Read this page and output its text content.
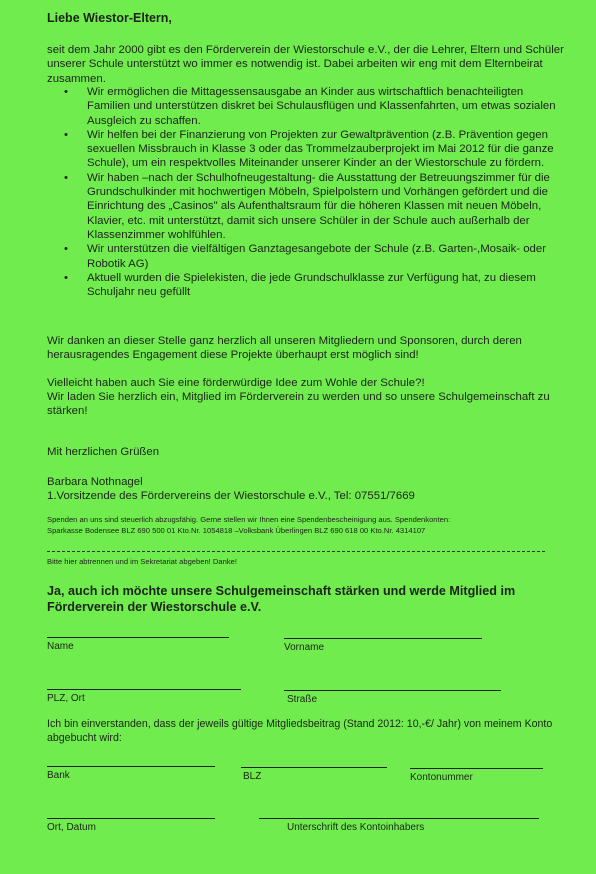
Liebe Wiestor-Eltern,
seit dem Jahr 2000 gibt es den Förderverein der Wiestorschule e.V., der die Lehrer, Eltern und Schüler unserer Schule unterstützt wo immer es notwendig ist. Dabei arbeiten wir eng mit dem Elternbeirat zusammen.
• Wir ermöglichen die Mittagessensausgabe an Kinder aus wirtschaftlich benachteiligten Familien und unterstützen diskret bei Schulausflügen und Klassenfahrten, um etwas sozialen Ausgleich zu schaffen.
• Wir helfen bei der Finanzierung von Projekten zur Gewaltprävention (z.B. Prävention gegen sexuellen Missbrauch in Klasse 3 oder das Trommelzauberprojekt im Mai 2012 für die ganze Schule), um ein respektvolles Miteinander unserer Kinder an der Wiestorschule zu fördern.
• Wir haben –nach der Schulhofneugestaltung- die Ausstattung der Betreuungszimmer für die Grundschulkinder mit hochwertigen Möbeln, Spielpolstern und Vorhängen gefördert und die Einrichtung des „Casinos" als Aufenthaltsraum für die höheren Klassen mit neuen Möbeln, Klavier, etc. mit unterstützt, damit sich unsere Schüler in der Schule auch außerhalb der Klassenzimmer wohlfühlen.
• Wir unterstützen die vielfältigen Ganztagesangebote der Schule (z.B. Garten-,Mosaik- oder Robotik AG)
• Aktuell wurden die Spielekisten, die jede Grundschulklasse zur Verfügung hat, zu diesem Schuljahr neu gefüllt
Wir danken an dieser Stelle ganz herzlich all unseren Mitgliedern und Sponsoren, durch deren herausragendes Engagement diese Projekte überhaupt erst möglich sind!
Vielleicht haben auch Sie eine förderwürdige Idee zum Wohle der Schule?!
Wir laden Sie herzlich ein, Mitglied im Förderverein zu werden und so unsere Schulgemeinschaft zu stärken!
Mit herzlichen Grüßen
Barbara Nothnagel
1.Vorsitzende des Fördervereins der Wiestorschule e.V., Tel: 07551/7669
Spenden an uns sind steuerlich abzugsfähig. Gerne stellen wir Ihnen eine Spendenbescheinigung aus. Spendenkonten:
Sparkasse Bodensee BLZ 690 500 01 Kto.Nr. 1054818 –Volksbank Überlingen BLZ 690 618 00 Kto.Nr. 4314107
Bitte hier abtrennen und im Sekretariat abgeben! Danke!
Ja, auch ich möchte unsere Schulgemeinschaft stärken und werde Mitglied im Förderverein der Wiestorschule e.V.
Name	Vorname
PLZ, Ort	Straße
Ich bin einverstanden, dass der jeweils gültige Mitgliedsbeitrag (Stand 2012: 10,-€/ Jahr) von meinem Konto abgebucht wird:
Bank	BLZ	Kontonummer
Ort, Datum	Unterschrift des Kontoinhabers
